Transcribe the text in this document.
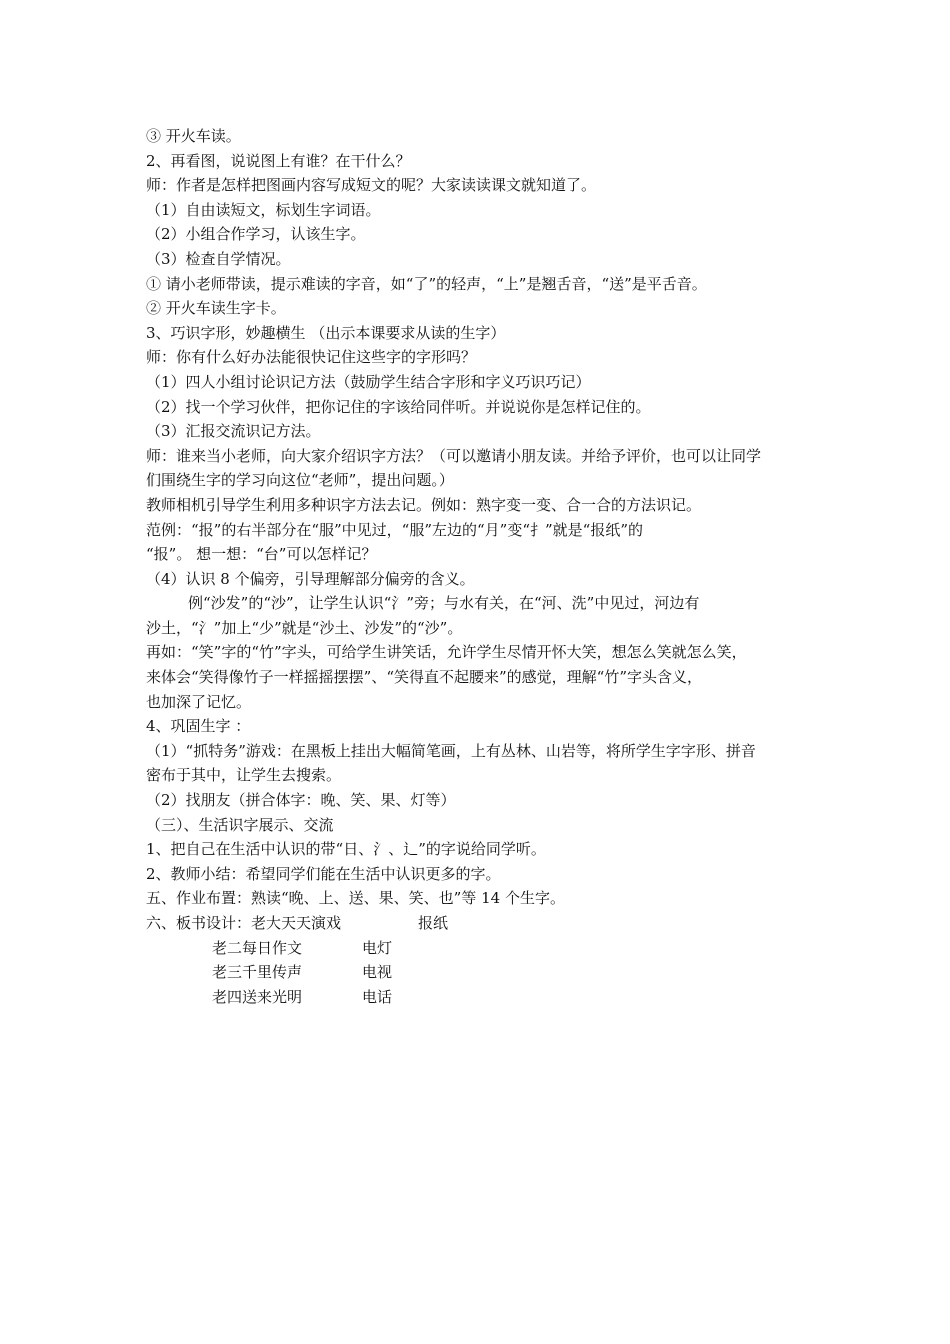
③ 开火车读。
2、再看图，说说图上有谁？在干什么？
师：作者是怎样把图画内容写成短文的呢？大家读读课文就知道了。
（1）自由读短文，标划生字词语。
（2）小组合作学习，认该生字。
（3）检查自学情况。
① 请小老师带读，提示难读的字音，如“了”的轻声，“上”是翘舌音，“送”是平舌音。
② 开火车读生字卡。
3、巧识字形，妙趣横生 （出示本课要求从读的生字）
师：你有什么好办法能很快记住这些字的字形吗？
（1）四人小组讨论识记方法（鼓励学生结合字形和字义巧识巧记）
（2）找一个学习伙伴，把你记住的字该给同伴听。并说说你是怎样记住的。
（3）汇报交流识记方法。
师：谁来当小老师，向大家介绍识字方法？（可以邀请小朋友读。并给予评价，也可以让同学
们围绕生字的学习向这位“老师”，提出问题。）
教师相机引导学生利用多种识字方法去记。例如：熟字变一变、合一合的方法识记。
范例：“报”的右半部分在“服”中见过，“服”左边的“月”变“扌”就是“报纸”的
“报”。 想一想：“台”可以怎样记？
（4）认识 8 个偏旁，引导理解部分偏旁的含义。
例“沙发”的“沙”，让学生认识“氵”旁；与水有关，在“河、洗”中见过，河边有
沙土，“氵”加上“少”就是“沙土、沙发”的“沙”。
再如：“笑”字的“竹”字头，可给学生讲笑话，允许学生尽情开怀大笑，想怎么笑就怎么笑，
来体会“笑得像竹子一样摇摇摆摆”、“笑得直不起腰来”的感觉，理解“竹”字头含义，
也加深了记忆。
4、巩固生字 ：
（1）“抓特务”游戏：在黑板上挂出大幅简笔画，上有丛林、山岩等，将所学生字字形、拼音
密布于其中，让学生去搜索。
（2）找朋友（拼合体字：晚、笑、果、灯等）
（三）、生活识字展示、交流
1、把自己在生活中认识的带“日、氵、辶”的字说给同学听。
2、教师小结：希望同学们能在生活中认识更多的字。
五、作业布置：熟读“晚、上、送、果、笑、也”等 14 个生字。
六、板书设计：老大天天演戏	报纸
老二每日作文	电灯
老三千里传声	电视
老四送来光明	电话
